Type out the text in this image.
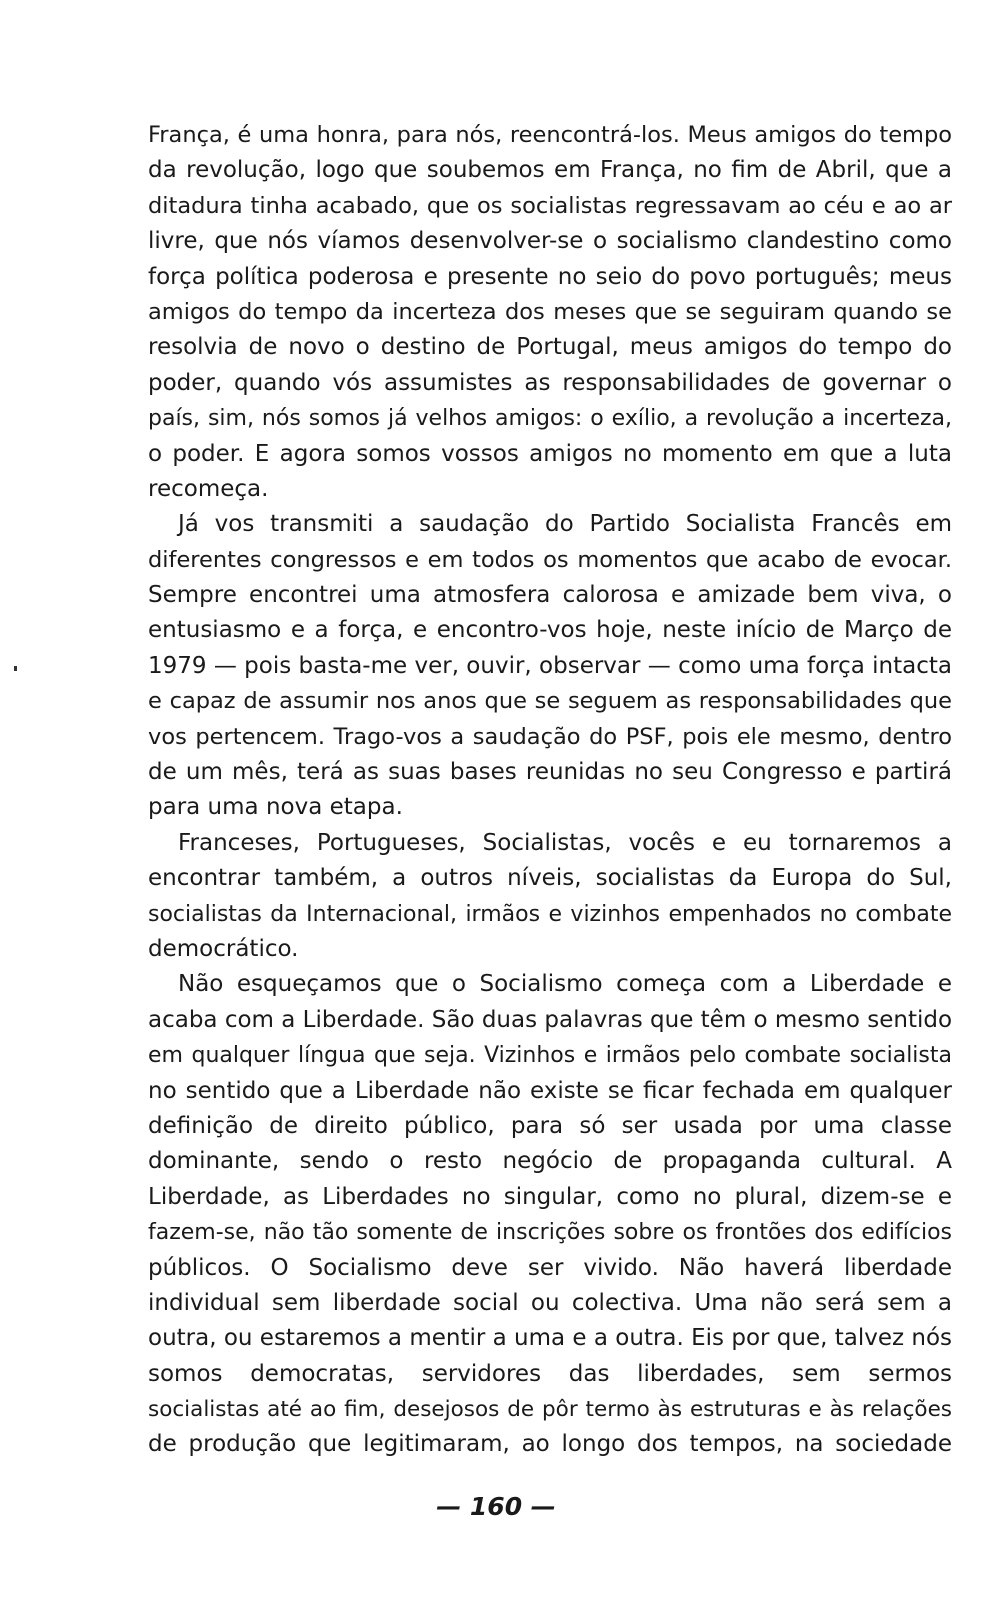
França, é uma honra, para nós, reencontrá-los. Meus amigos do tempo
da revolução, logo que soubemos em França, no fim de Abril, que a
ditadura tinha acabado, que os socialistas regressavam ao céu e ao ar
livre, que nós víamos desenvolver-se o socialismo clandestino como
força política poderosa e presente no seio do povo português; meus
amigos do tempo da incerteza dos meses que se seguiram quando se
resolvia de novo o destino de Portugal, meus amigos do tempo do
poder, quando vós assumistes as responsabilidades de governar o
país, sim, nós somos já velhos amigos: o exílio, a revolução a incerteza,
o poder. E agora somos vossos amigos no momento em que a luta
recomeça.
Já vos transmiti a saudação do Partido Socialista Francês em
diferentes congressos e em todos os momentos que acabo de evocar.
Sempre encontrei uma atmosfera calorosa e amizade bem viva, o
entusiasmo e a força, e encontro-vos hoje, neste início de Março de
1979 — pois basta-me ver, ouvir, observar — como uma força intacta
e capaz de assumir nos anos que se seguem as responsabilidades que
vos pertencem. Trago-vos a saudação do PSF, pois ele mesmo, dentro
de um mês, terá as suas bases reunidas no seu Congresso e partirá
para uma nova etapa.
Franceses, Portugueses, Socialistas, vocês e eu tornaremos a
encontrar também, a outros níveis, socialistas da Europa do Sul,
socialistas da Internacional, irmãos e vizinhos empenhados no combate
democrático.
Não esqueçamos que o Socialismo começa com a Liberdade e
acaba com a Liberdade. São duas palavras que têm o mesmo sentido
em qualquer língua que seja. Vizinhos e irmãos pelo combate socialista
no sentido que a Liberdade não existe se ficar fechada em qualquer
definição de direito público, para só ser usada por uma classe
dominante, sendo o resto negócio de propaganda cultural. A
Liberdade, as Liberdades no singular, como no plural, dizem-se e
fazem-se, não tão somente de inscrições sobre os frontões dos edifícios
públicos. O Socialismo deve ser vivido. Não haverá liberdade
individual sem liberdade social ou colectiva. Uma não será sem a
outra, ou estaremos a mentir a uma e a outra. Eis por que, talvez nós
somos democratas, servidores das liberdades, sem sermos
socialistas até ao fim, desejosos de pôr termo às estruturas e às relações
de produção que legitimaram, ao longo dos tempos, na sociedade
— 160 —
